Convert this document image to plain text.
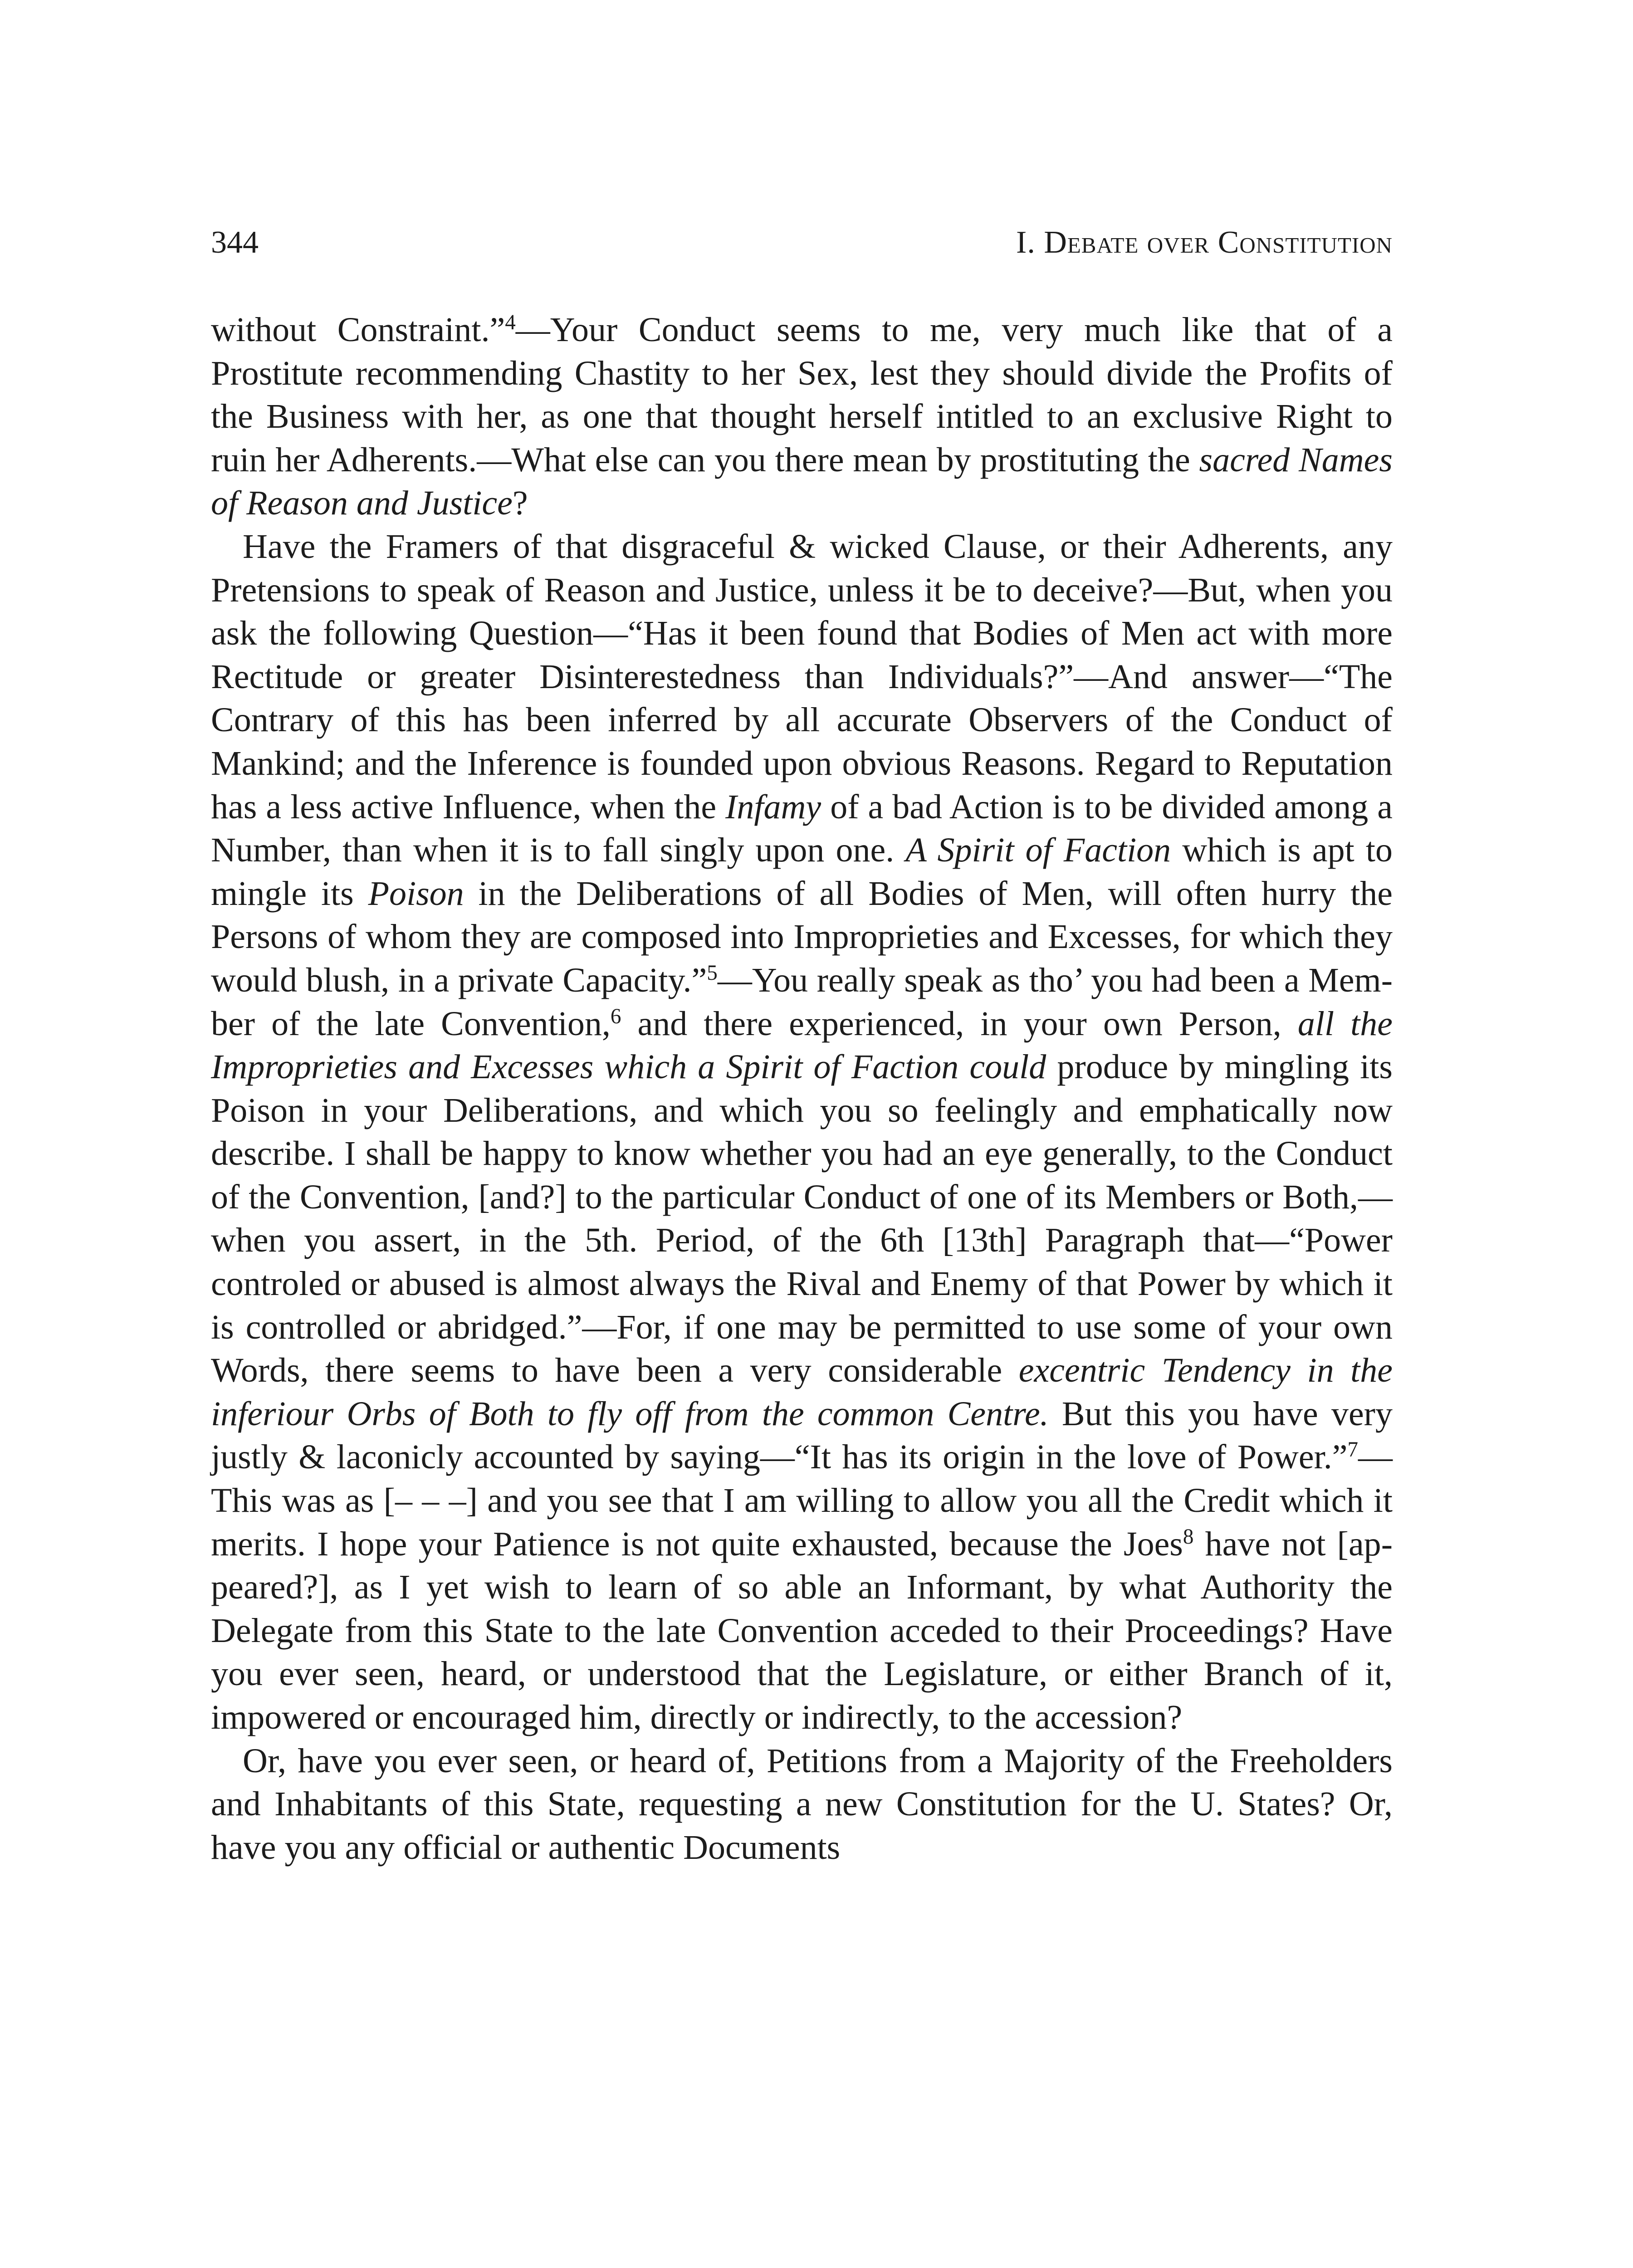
344	I. Debate over Constitution

without Constraint.”$^4$—Your Conduct seems to me, very much like that of a Prostitute recommending Chastity to her Sex, lest they should divide the Profits of the Business with her, as one that thought herself intitled to an exclusive Right to ruin her Adherents.—What else can you there mean by prostituting the sacred Names of Reason and Justice?

Have the Framers of that disgraceful & wicked Clause, or their Adherents, any Pretensions to speak of Reason and Justice, unless it be to deceive?—But, when you ask the following Question—“Has it been found that Bodies of Men act with more Rectitude or greater Disinterestedness than Individuals?”—And answer—“The Contrary of this has been inferred by all accurate Observers of the Conduct of Mankind; and the Inference is founded upon obvious Reasons. Regard to Reputation has a less active Influence, when the Infamy of a bad Action is to be divided among a Number, than when it is to fall singly upon one. A Spirit of Faction which is apt to mingle its Poison in the Deliberations of all Bodies of Men, will often hurry the Persons of whom they are composed into Improprieties and Excesses, for which they would blush, in a private Capacity.”$^5$—You really speak as tho’ you had been a Member of the late Convention,$^6$ and there experienced, in your own Person, all the Improprieties and Excesses which a Spirit of Faction could produce by mingling its Poison in your Deliberations, and which you so feelingly and emphatically now describe. I shall be happy to know whether you had an eye generally, to the Conduct of the Convention, [and?] to the particular Conduct of one of its Members or Both,—when you assert, in the 5th. Period, of the 6th [13th] Paragraph that—“Power controled or abused is almost always the Rival and Enemy of that Power by which it is controlled or abridged.”—For, if one may be permitted to use some of your own Words, there seems to have been a very considerable excentric Tendency in the inferiour Orbs of Both to fly off from the common Centre. But this you have very justly & laconicly accounted by saying—“It has its origin in the love of Power.”$^7$—This was as [– – –] and you see that I am willing to allow you all the Credit which it merits. I hope your Patience is not quite exhausted, because the Joes$^8$ have not [appeared?], as I yet wish to learn of so able an Informant, by what Authority the Delegate from this State to the late Convention acceded to their Proceedings? Have you ever seen, heard, or understood that the Legislature, or either Branch of it, impowered or encouraged him, directly or indirectly, to the accession?

Or, have you ever seen, or heard of, Petitions from a Majority of the Freeholders and Inhabitants of this State, requesting a new Constitution for the U. States? Or, have you any official or authentic Documents
